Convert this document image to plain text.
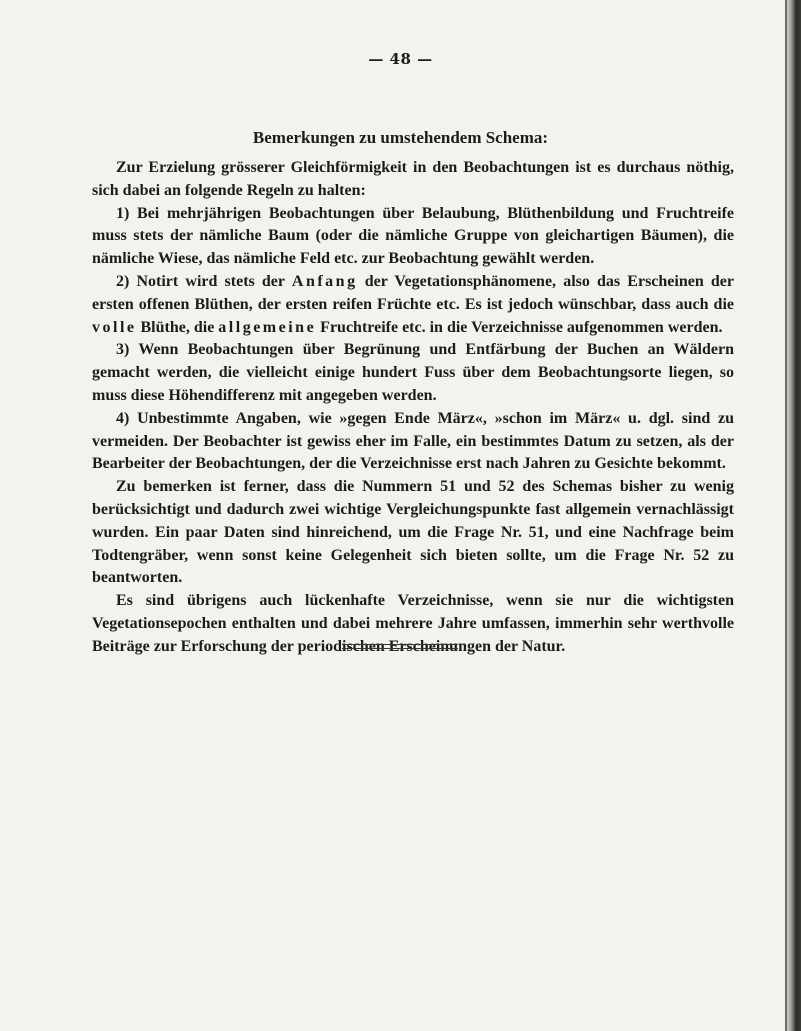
— 48 —
Bemerkungen zu umstehendem Schema:

Zur Erzielung grösserer Gleichförmigkeit in den Beobachtungen ist es durchaus nöthig, sich dabei an folgende Regeln zu halten:

1) Bei mehrjährigen Beobachtungen über Belaubung, Blüthenbildung und Fruchtreife muss stets der nämliche Baum (oder die nämliche Gruppe von gleichartigen Bäumen), die nämliche Wiese, das nämliche Feld etc. zur Beobachtung gewählt werden.

2) Notirt wird stets der Anfang der Vegetationsphänomene, also das Erscheinen der ersten offenen Blüthen, der ersten reifen Früchte etc. Es ist jedoch wünschbar, dass auch die volle Blüthe, die allgemeine Fruchtreife etc. in die Verzeichnisse aufgenommen werden.

3) Wenn Beobachtungen über Begrünung und Entfärbung der Buchen an Wäldern gemacht werden, die vielleicht einige hundert Fuss über dem Beobachtungsorte liegen, so muss diese Höhendifferenz mit angegeben werden.

4) Unbestimmte Angaben, wie »gegen Ende März«, »schon im März« u. dgl. sind zu vermeiden. Der Beobachter ist gewiss eher im Falle, ein bestimmtes Datum zu setzen, als der Bearbeiter der Beobachtungen, der die Verzeichnisse erst nach Jahren zu Gesichte bekommt.

Zu bemerken ist ferner, dass die Nummern 51 und 52 des Schemas bisher zu wenig berücksichtigt und dadurch zwei wichtige Vergleichungspunkte fast allgemein vernachlässigt wurden. Ein paar Daten sind hinreichend, um die Frage Nr. 51, und eine Nachfrage beim Todtengräber, wenn sonst keine Gelegenheit sich bieten sollte, um die Frage Nr. 52 zu beantworten.

Es sind übrigens auch lückenhafte Verzeichnisse, wenn sie nur die wichtigsten Vegetationsepochen enthalten und dabei mehrere Jahre umfassen, immerhin sehr werthvolle Beiträge zur Erforschung der periodischen Erscheinungen der Natur.
